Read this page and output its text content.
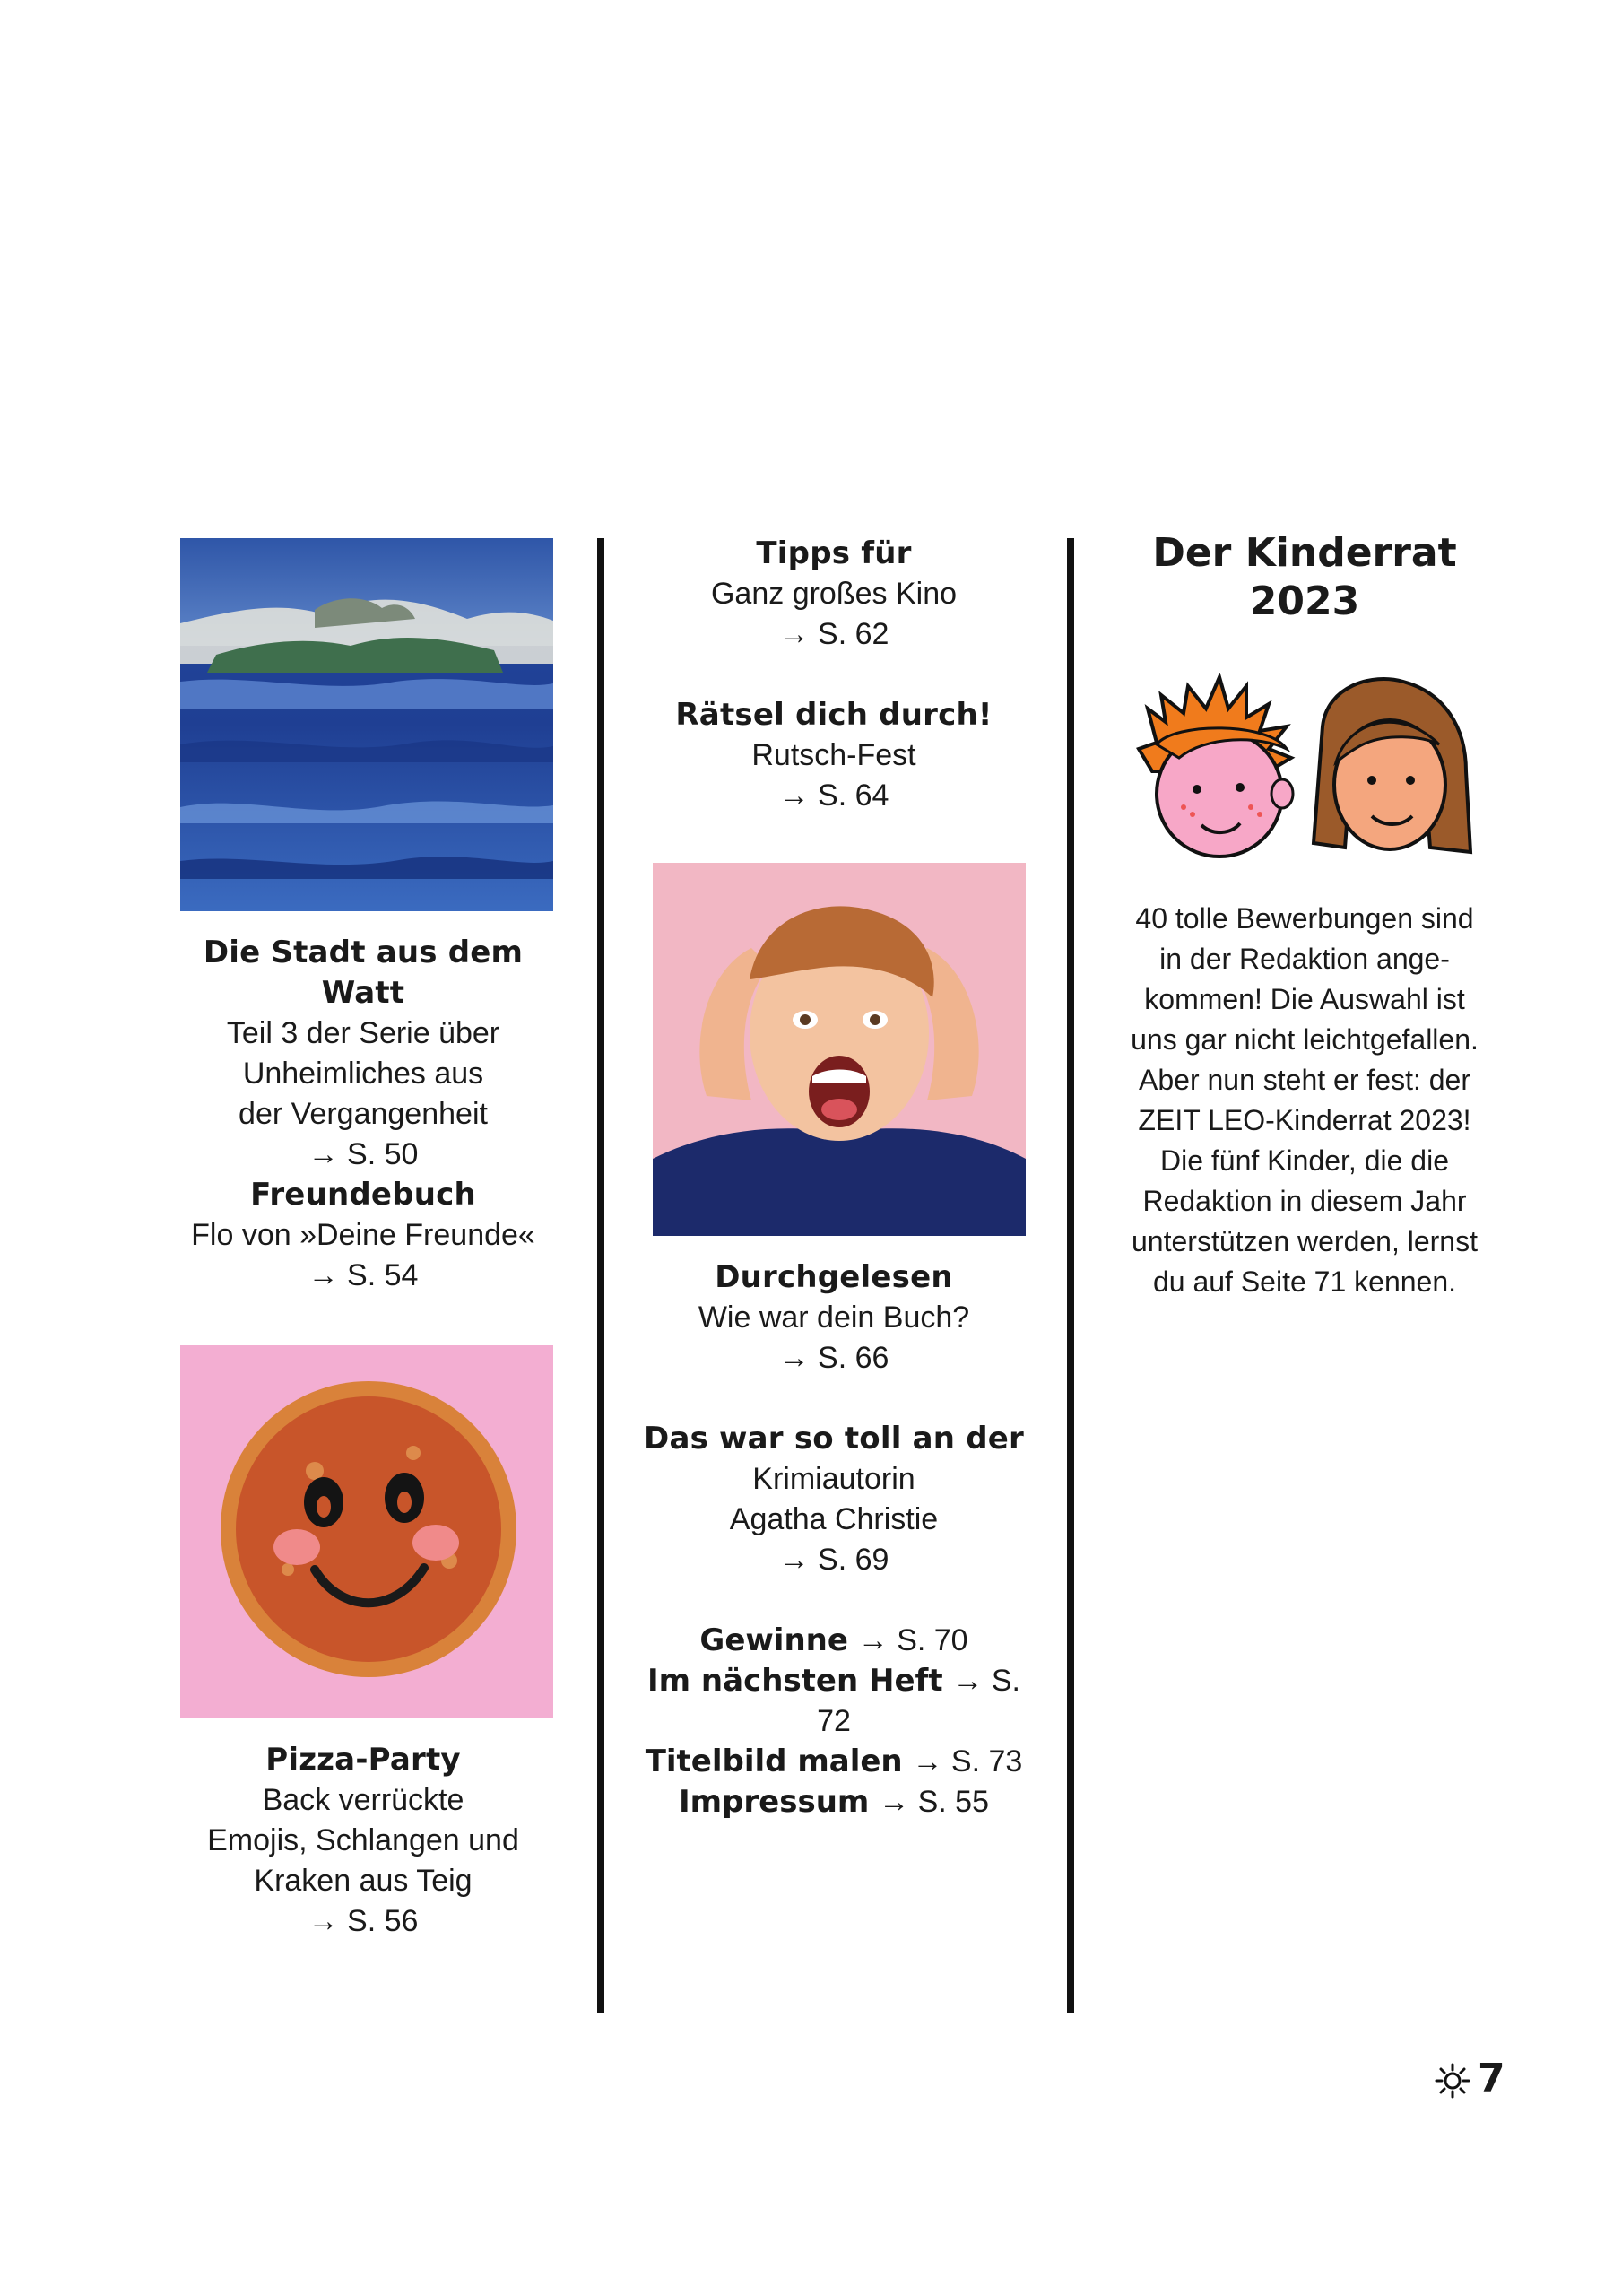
Die Stadt aus dem Watt
Teil 3 der Serie über
Unheimliches aus
der Vergangenheit
→ S. 50
Freundebuch
Flo von »Deine Freunde«
→ S. 54
Pizza-Party
Back verrückte
Emojis, Schlangen und
Kraken aus Teig
→ S. 56
Tipps für
Ganz großes Kino
→ S. 62
Rätsel dich durch!
Rutsch-Fest
→ S. 64
Durchgelesen
Wie war dein Buch?
→ S. 66
Das war so toll an der
Krimiautorin
Agatha Christie
→ S. 69
Gewinne → S. 70
Im nächsten Heft → S. 72
Titelbild malen → S. 73
Impressum → S. 55
Der Kinderrat
2023
40 tolle Bewerbungen sind
in der Redaktion ange-
kommen! Die Auswahl ist
uns gar nicht leichtgefallen.
Aber nun steht er fest: der
ZEIT LEO-Kinderrat 2023!
Die fünf Kinder, die die
Redaktion in diesem Jahr
unterstützen werden, lernst
du auf Seite 71 kennen.
7
